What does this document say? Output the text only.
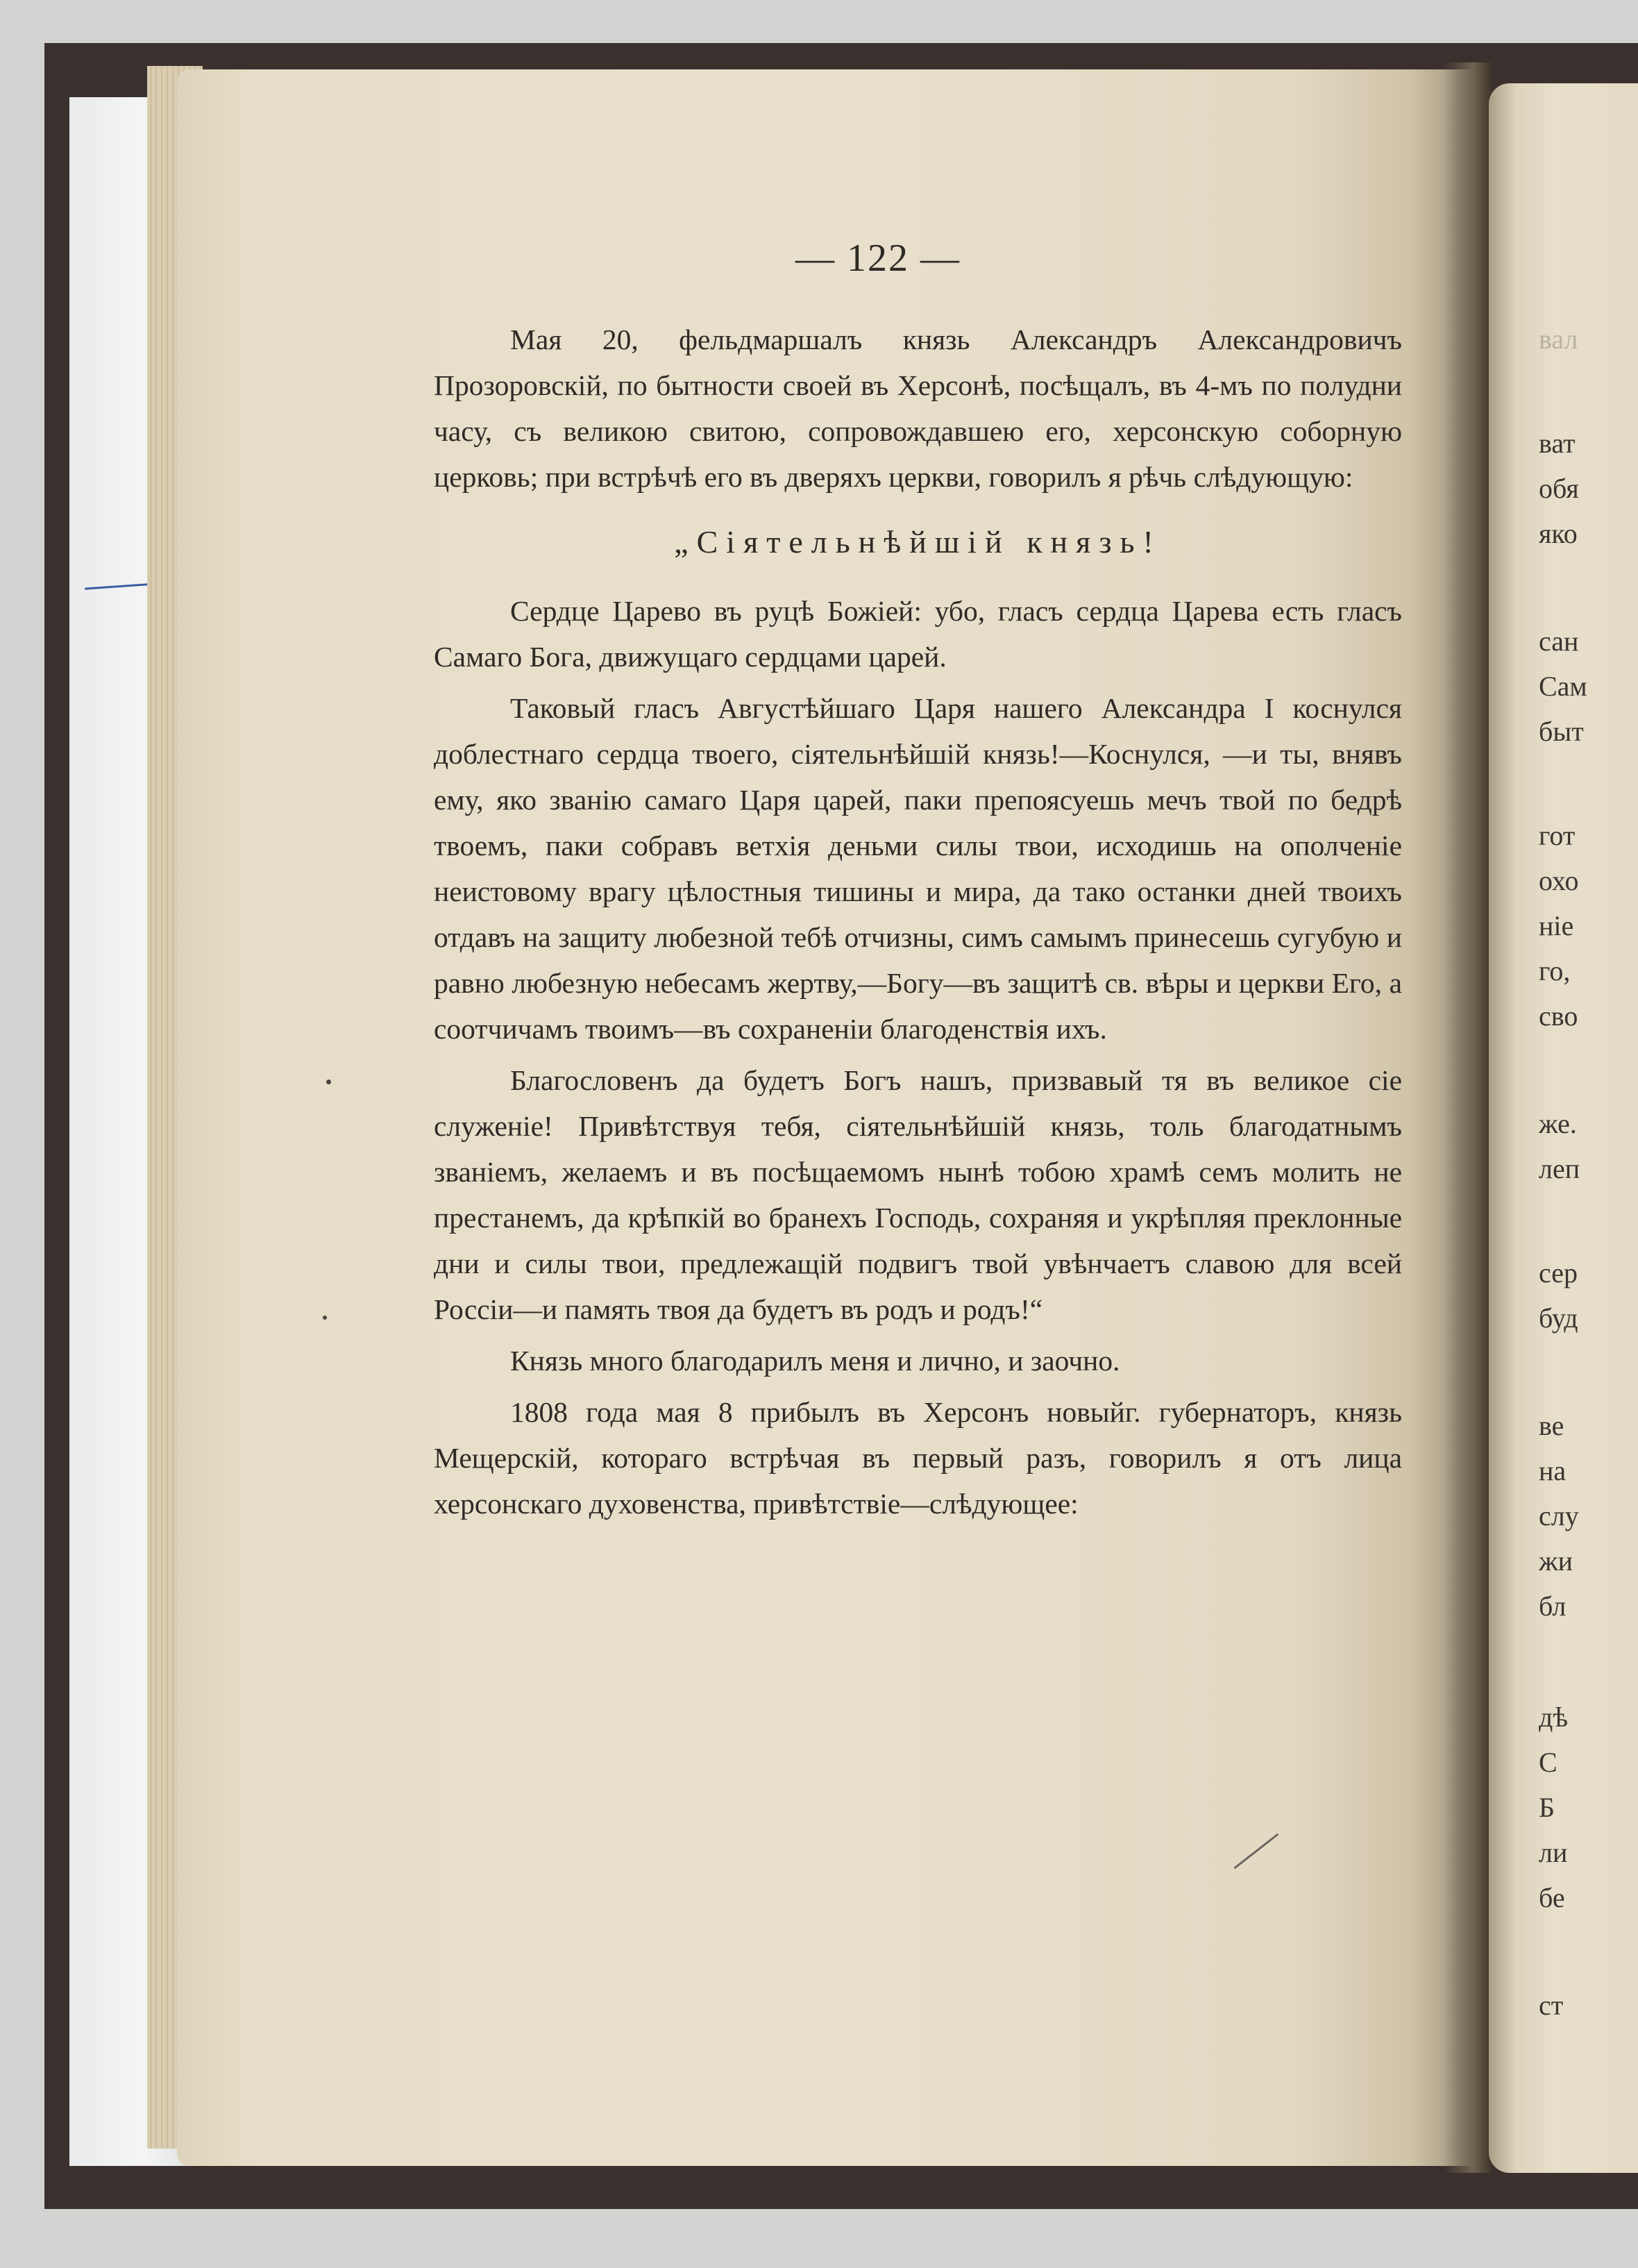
вал
ват
обя
яко
сан
Сам
быт
гот
охо
ніе
го,
сво
же.
леп
сер
буд
ве
на
слу
жи
бл
дѣ
С
Б
ли
бе
ст
— 122 —

Мая 20, фельдмаршалъ князь Александръ Александровичъ Прозоровскій, по бытности своей въ Херсонѣ, посѣщалъ, въ 4-мъ по полудни часу, съ великою свитою, сопровождавшею его, херсонскую соборную церковь; при встрѣчѣ его въ дверяхъ церкви, говорилъ я рѣчь слѣдующую:

„Сіятельнѣйшій князь!

Сердце Царево въ руцѣ Божіей: убо, гласъ сердца Царева есть гласъ Самаго Бога, движущаго сердцами царей.

Таковый гласъ Августѣйшаго Царя нашего Александра I коснулся доблестнаго сердца твоего, сіятельнѣйшій князь!—Коснулся, —и ты, внявъ ему, яко званію самаго Царя царей, паки препоясуешь мечъ твой по бедрѣ твоемъ, паки собравъ ветхія деньми силы твои, исходишь на ополченіе неистовому врагу цѣлостныя тишины и мира, да тако останки дней твоихъ отдавъ на защиту любезной тебѣ отчизны, симъ самымъ принесешь сугубую и равно любезную небесамъ жертву,—Богу—въ защитѣ св. вѣры и церкви Его, а соотчичамъ твоимъ—въ сохраненіи благоденствія ихъ.

Благословенъ да будетъ Богъ нашъ, призвавый тя въ великое сіе служеніе! Привѣтствуя тебя, сіятельнѣйшій князь, толь благодатнымъ званіемъ, желаемъ и въ посѣщаемомъ нынѣ тобою храмѣ семъ молить не престанемъ, да крѣпкій во бранехъ Господь, сохраняя и укрѣпляя преклонные дни и силы твои, предлежащій подвигъ твой увѣнчаетъ славою для всей Россіи—и память твоя да будетъ въ родъ и родъ!“

Князь много благодарилъ меня и лично, и заочно.

1808 года мая 8 прибылъ въ Херсонъ новыйг. губернаторъ, князь Мещерскій, котораго встрѣчая въ первый разъ, говорилъ я отъ лица херсонскаго духовенства, привѣтствіе—слѣдующее:
